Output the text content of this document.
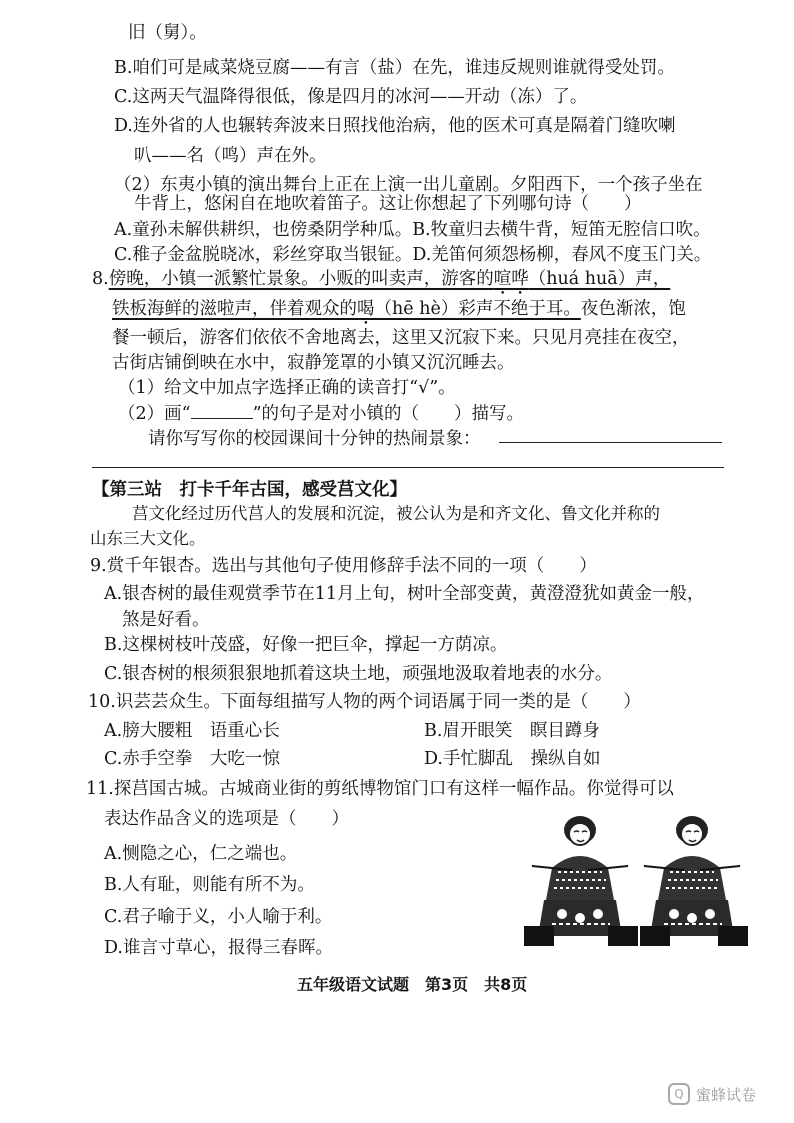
旧（舅）。
B.咱们可是咸菜烧豆腐——有言（盐）在先，谁违反规则谁就得受处罚。
C.这两天气温降得很低，像是四月的冰河——开动（冻）了。
D.连外省的人也辗转奔波来日照找他治病，他的医术可真是隔着门缝吹喇
叭——名（鸣）声在外。
（2）东夷小镇的演出舞台上正在上演一出儿童剧。夕阳西下，一个孩子坐在
牛背上，悠闲自在地吹着笛子。这让你想起了下列哪句诗（　　）
A.童孙未解供耕织，也傍桑阴学种瓜。B.牧童归去横牛背，短笛无腔信口吹。
C.稚子金盆脱晓冰，彩丝穿取当银钲。D.羌笛何须怨杨柳，春风不度玉门关。
8.傍晚，小镇一派繁忙景象。小贩的叫卖声，游客的喧哗（huá huā）声，
铁板海鲜的滋啦声，伴着观众的喝（hē hè）彩声不绝于耳。夜色渐浓，饱
餐一顿后，游客们依依不舍地离去，这里又沉寂下来。只见月亮挂在夜空，
古街店铺倒映在水中，寂静笼罩的小镇又沉沉睡去。
（1）给文中加点字选择正确的读音打“√”。
（2）画“	”的句子是对小镇的（　　）描写。
请你写写你的校园课间十分钟的热闹景象：
【第三站　打卡千年古国，感受莒文化】
莒文化经过历代莒人的发展和沉淀，被公认为是和齐文化、鲁文化并称的
山东三大文化。
9.赏千年银杏。选出与其他句子使用修辞手法不同的一项（　　）
A.银杏树的最佳观赏季节在11月上旬，树叶全部变黄，黄澄澄犹如黄金一般，
煞是好看。
B.这棵树枝叶茂盛，好像一把巨伞，撑起一方荫凉。
C.银杏树的根须狠狠地抓着这块土地，顽强地汲取着地表的水分。
10.识芸芸众生。下面每组描写人物的两个词语属于同一类的是（　　）
A.膀大腰粗　语重心长	B.眉开眼笑　瞑目蹲身
C.赤手空拳　大吃一惊	D.手忙脚乱　操纵自如
11.探莒国古城。古城商业街的剪纸博物馆门口有这样一幅作品。你觉得可以
表达作品含义的选项是（　　）
A.恻隐之心，仁之端也。
B.人有耻，则能有所不为。
C.君子喻于义，小人喻于利。
D.谁言寸草心，报得三春晖。
五年级语文试题　第3页　共8页
Q 蜜蜂试卷
